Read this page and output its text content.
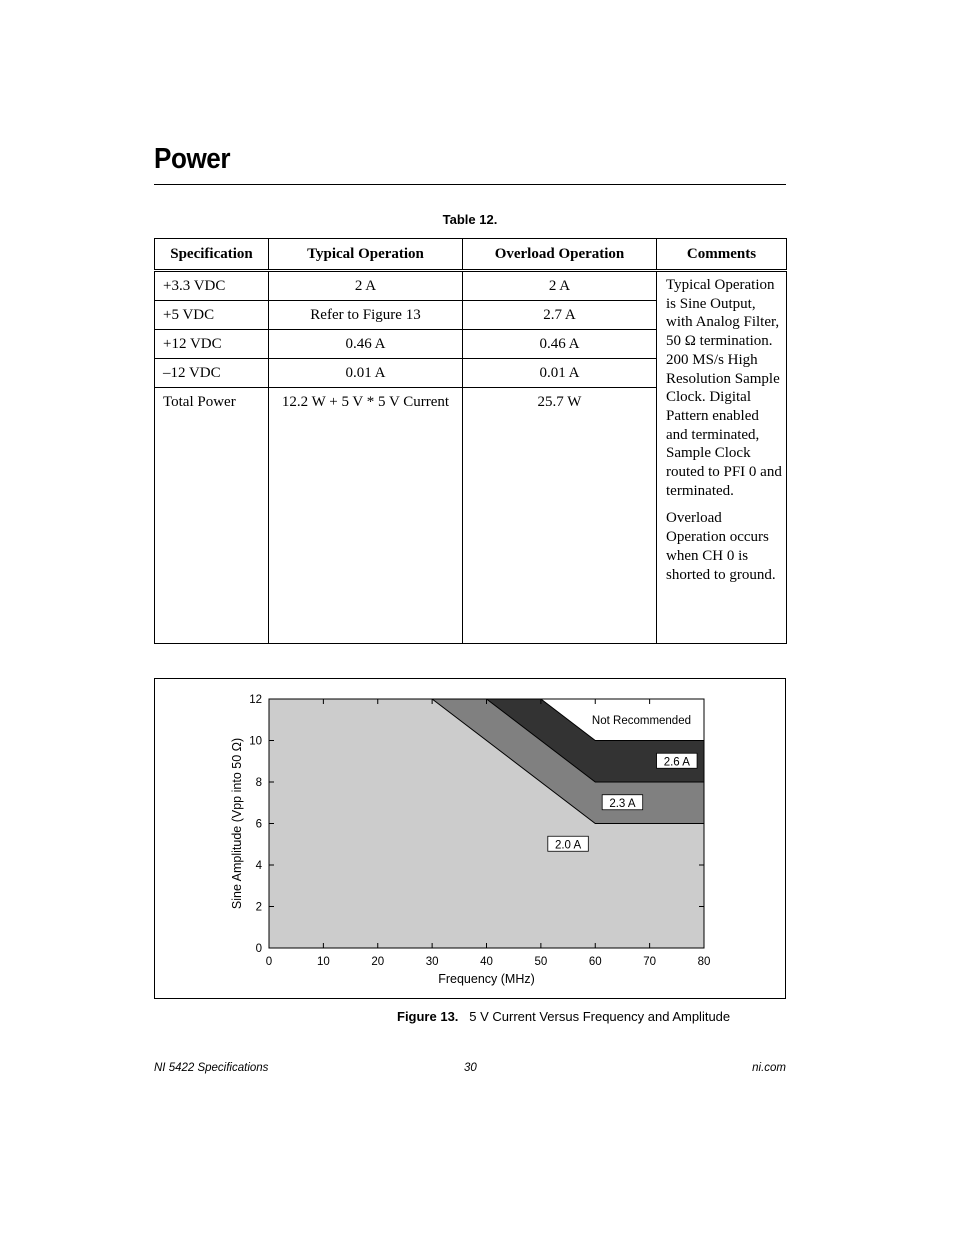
Power
Table 12.
Specification	Typical Operation	Overload Operation	Comments
+3.3 VDC	2 A	2 A	Typical Operation is Sine Output, with Analog Filter, 50 Ω termination. 200 MS/s High Resolution Sample Clock. Digital Pattern enabled and terminated, Sample Clock routed to PFI 0 and terminated.

Overload Operation occurs when CH 0 is shorted to ground.

+5 VDC	Refer to Figure 13	2.7 A	
+12 VDC	0.46 A	0.46 A	
–12 VDC	0.01 A	0.01 A	
Total Power	12.2 W + 5 V * 5 V Current	25.7 W	
0	10	20	30	40	50	60	70	80
0
2
4
6
8
10
12
Frequency (MHz)
Sine Amplitude (Vpp into 50 Ω)	2.0 A
2.3 A
2.6 A
Not Recommended
Figure 13. 5 V Current Versus Frequency and Amplitude
NI 5422 Specifications	30	ni.com
